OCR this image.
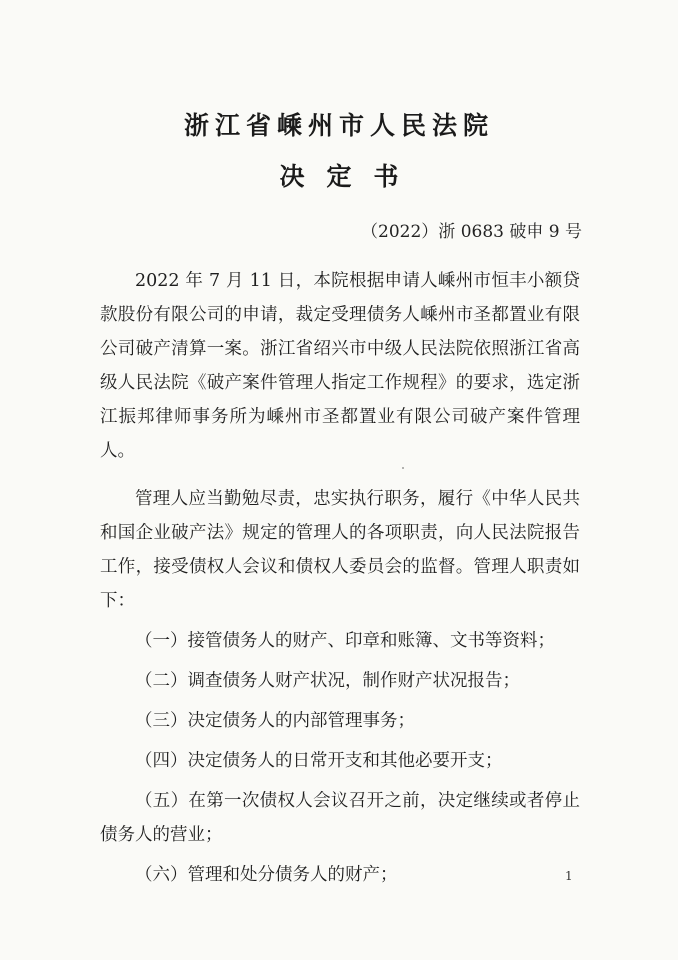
浙江省嵊州市人民法院
决定书
（2022）浙 0683 破申 9 号

2022 年 7 月 11 日，本院根据申请人嵊州市恒丰小额贷款股份有限公司的申请，裁定受理债务人嵊州市圣都置业有限公司破产清算一案。浙江省绍兴市中级人民法院依照浙江省高级人民法院《破产案件管理人指定工作规程》的要求，选定浙江振邦律师事务所为嵊州市圣都置业有限公司破产案件管理人。

管理人应当勤勉尽责，忠实执行职务，履行《中华人民共和国企业破产法》规定的管理人的各项职责，向人民法院报告工作，接受债权人会议和债权人委员会的监督。管理人职责如下：

（一）接管债务人的财产、印章和账簿、文书等资料；

（二）调查债务人财产状况，制作财产状况报告；

（三）决定债务人的内部管理事务；

（四）决定债务人的日常开支和其他必要开支；

（五）在第一次债权人会议召开之前，决定继续或者停止债务人的营业；

（六）管理和处分债务人的财产；	1
